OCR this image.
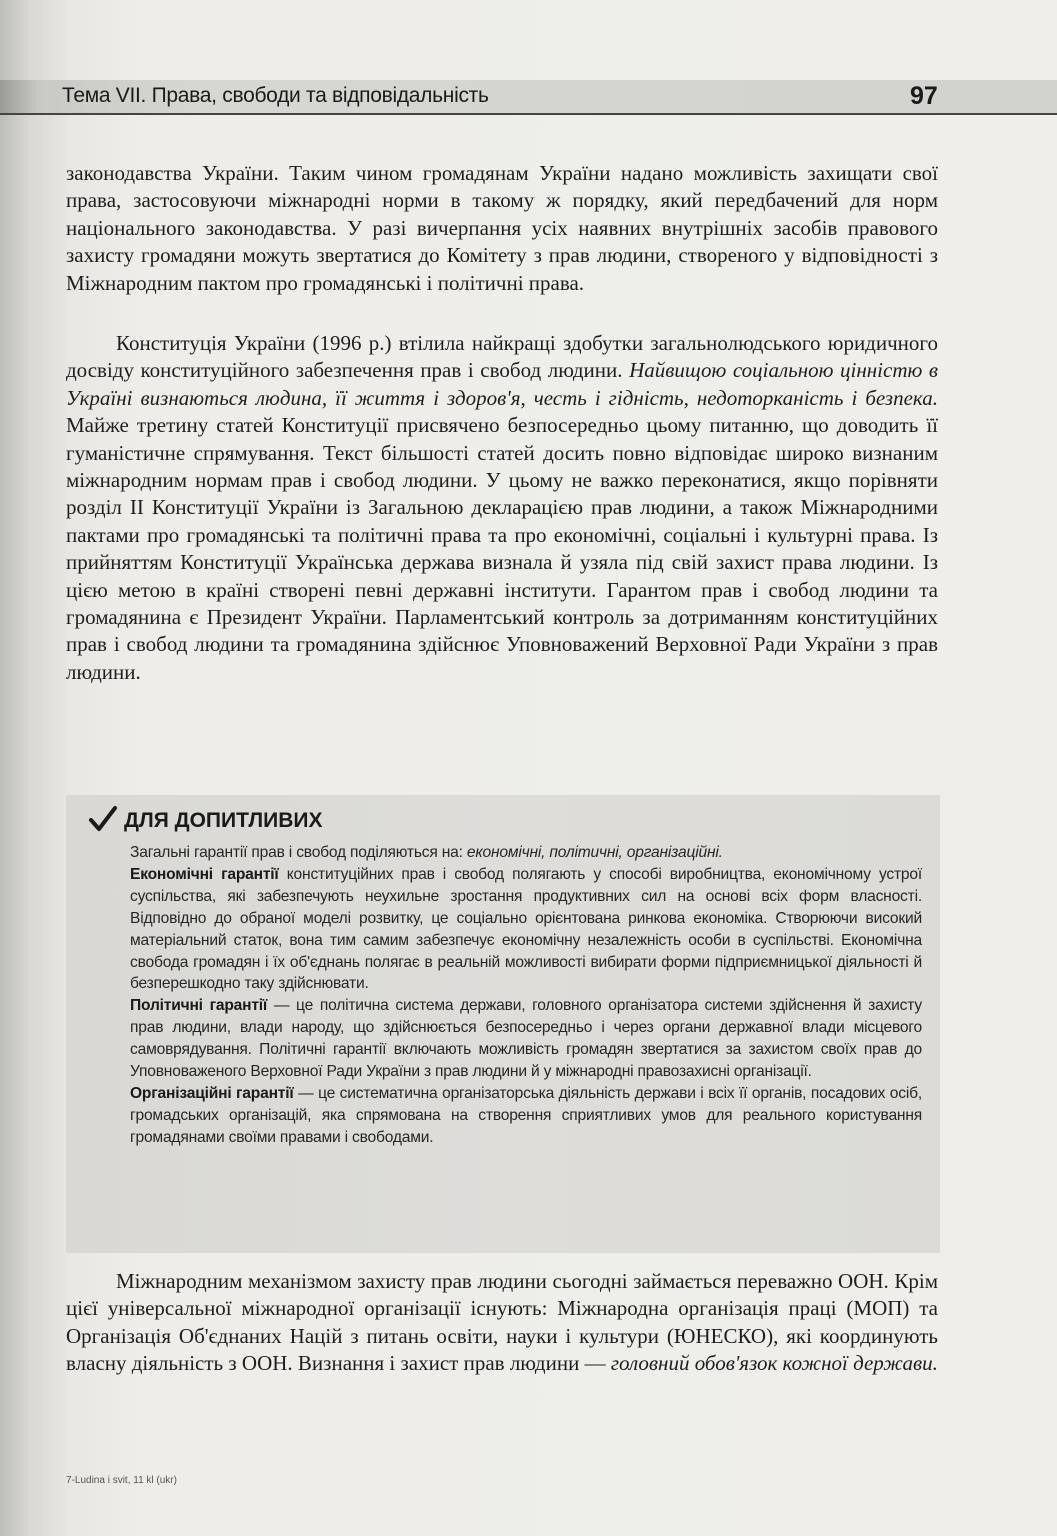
Тема VII. Права, свободи та відповідальність	97

законодавства України. Таким чином громадянам України надано можливість захищати свої права, застосовуючи міжнародні норми в такому ж порядку, який передбачений для норм національного законодавства. У разі вичерпання усіх наявних внутрішніх засобів правового захисту громадяни можуть звертатися до Комітету з прав людини, створеного у відповідності з Міжнародним пактом про громадянські і політичні права.

Конституція України (1996 р.) втілила найкращі здобутки загальнолюдського юридичного досвіду конституційного забезпечення прав і свобод людини. Найвищою соціальною цінністю в Україні визнаються людина, її життя і здоров'я, честь і гідність, недоторканість і безпека. Майже третину статей Конституції присвячено безпосередньо цьому питанню, що доводить її гуманістичне спрямування. Текст більшості статей досить повно відповідає широко визнаним міжнародним нормам прав і свобод людини. У цьому не важко переконатися, якщо порівняти розділ II Конституції України із Загальною декларацією прав людини, а також Міжнародними пактами про громадянські та політичні права та про економічні, соціальні і культурні права. Із прийняттям Конституції Українська держава визнала й узяла під свій захист права людини. Із цією метою в країні створені певні державні інститути. Гарантом прав і свобод людини та громадянина є Президент України. Парламентський контроль за дотриманням конституційних прав і свобод людини та громадянина здійснює Уповноважений Верховної Ради України з прав людини.

ДЛЯ ДОПИТЛИВИХ

Загальні гарантії прав і свобод поділяються на: економічні, політичні, організаційні.

Економічні гарантії конституційних прав і свобод полягають у способі виробництва, економічному устрої суспільства, які забезпечують неухильне зростання продуктивних сил на основі всіх форм власності. Відповідно до обраної моделі розвитку, це соціально орієнтована ринкова економіка. Створюючи високий матеріальний статок, вона тим самим забезпечує економічну незалежність особи в суспільстві. Економічна свобода громадян і їх об'єднань полягає в реальній можливості вибирати форми підприємницької діяльності й безперешкодно таку здійснювати.

Політичні гарантії — це політична система держави, головного організатора системи здійснення й захисту прав людини, влади народу, що здійснюється безпосередньо і через органи державної влади місцевого самоврядування. Політичні гарантії включають можливість громадян звертатися за захистом своїх прав до Уповноваженого Верховної Ради України з прав людини й у міжнародні правозахисні організації.

Організаційні гарантії — це систематична організаторська діяльність держави і всіх її органів, посадових осіб, громадських організацій, яка спрямована на створення сприятливих умов для реального користування громадянами своїми правами і свободами.

Міжнародним механізмом захисту прав людини сьогодні займається переважно ООН. Крім цієї універсальної міжнародної організації існують: Міжнародна організація праці (МОП) та Організація Об'єднаних Націй з питань освіти, науки і культури (ЮНЕСКО), які координують власну діяльність з ООН. Визнання і захист прав людини — головний обов'язок кожної держави.

7-Ludina i svit, 11 kl (ukr)
